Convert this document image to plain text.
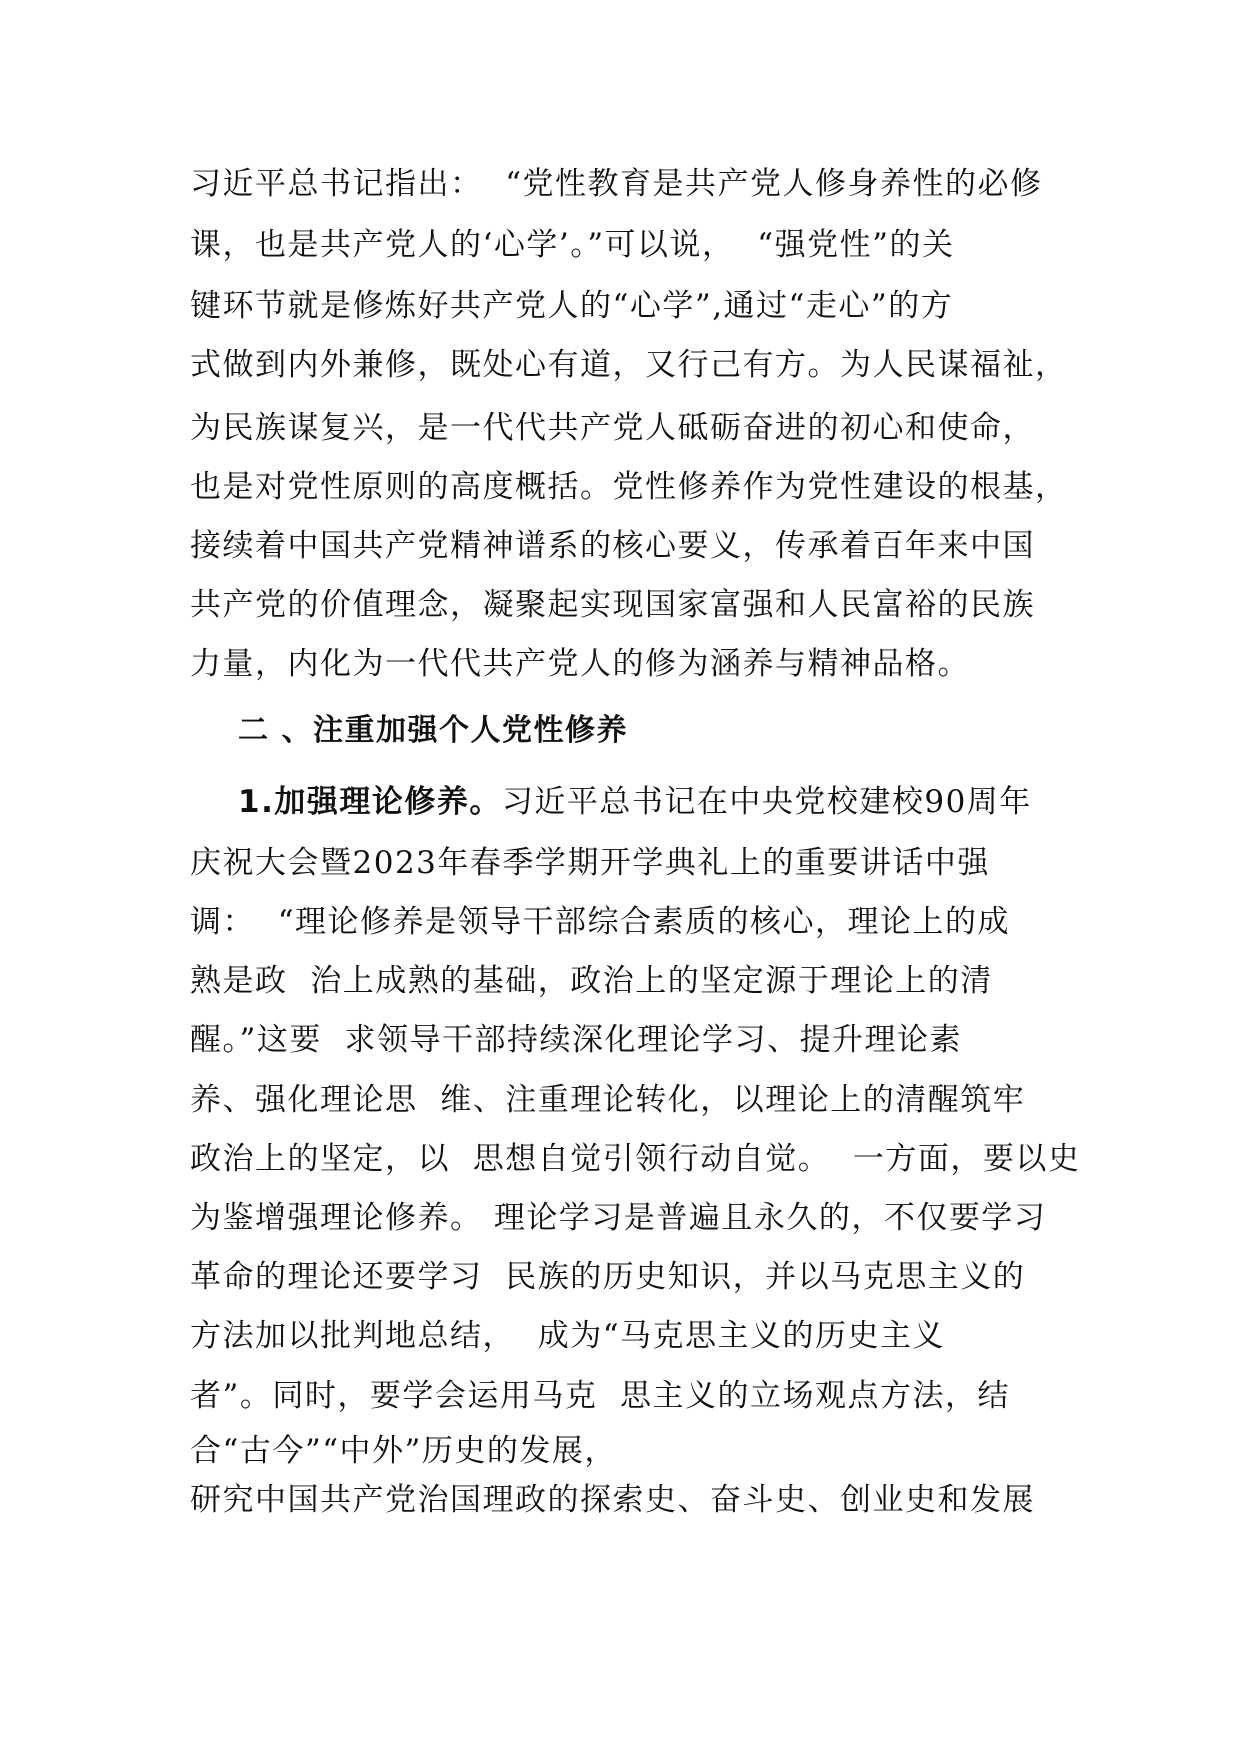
习近平总书记指出：  “党性教育是共产党人修身养性的必修
课，也是共产党人的‘心学’。”可以说，  “强党性”的关
键环节就是修炼好共产党人的“心学”,通过“走心”的方
式做到内外兼修，既处心有道，又行己有方。为人民谋福祉，
为民族谋复兴，是一代代共产党人砥砺奋进的初心和使命，
也是对党性原则的高度概括。党性修养作为党性建设的根基，
接续着中国共产党精神谱系的核心要义，传承着百年来中国
共产党的价值理念，凝聚起实现国家富强和人民富裕的民族
力量，内化为一代代共产党人的修为涵养与精神品格。
二 、注重加强个人党性修养
1.加强理论修养。习近平总书记在中央党校建校90周年
庆祝大会暨2023年春季学期开学典礼上的重要讲话中强
调：  “理论修养是领导干部综合素质的核心，理论上的成
熟是政  治上成熟的基础，政治上的坚定源于理论上的清
醒。”这要  求领导干部持续深化理论学习、提升理论素
养、强化理论思  维、注重理论转化，以理论上的清醒筑牢
政治上的坚定，以  思想自觉引领行动自觉。  一方面，要以史
为鉴增强理论修养。 理论学习是普遍且永久的，不仅要学习
革命的理论还要学习  民族的历史知识，并以马克思主义的
方法加以批判地总结，  成为“马克思主义的历史主义
者”。同时，要学会运用马克  思主义的立场观点方法，结
合“古今”“中外”历史的发展，
研究中国共产党治国理政的探索史、奋斗史、创业史和发展
